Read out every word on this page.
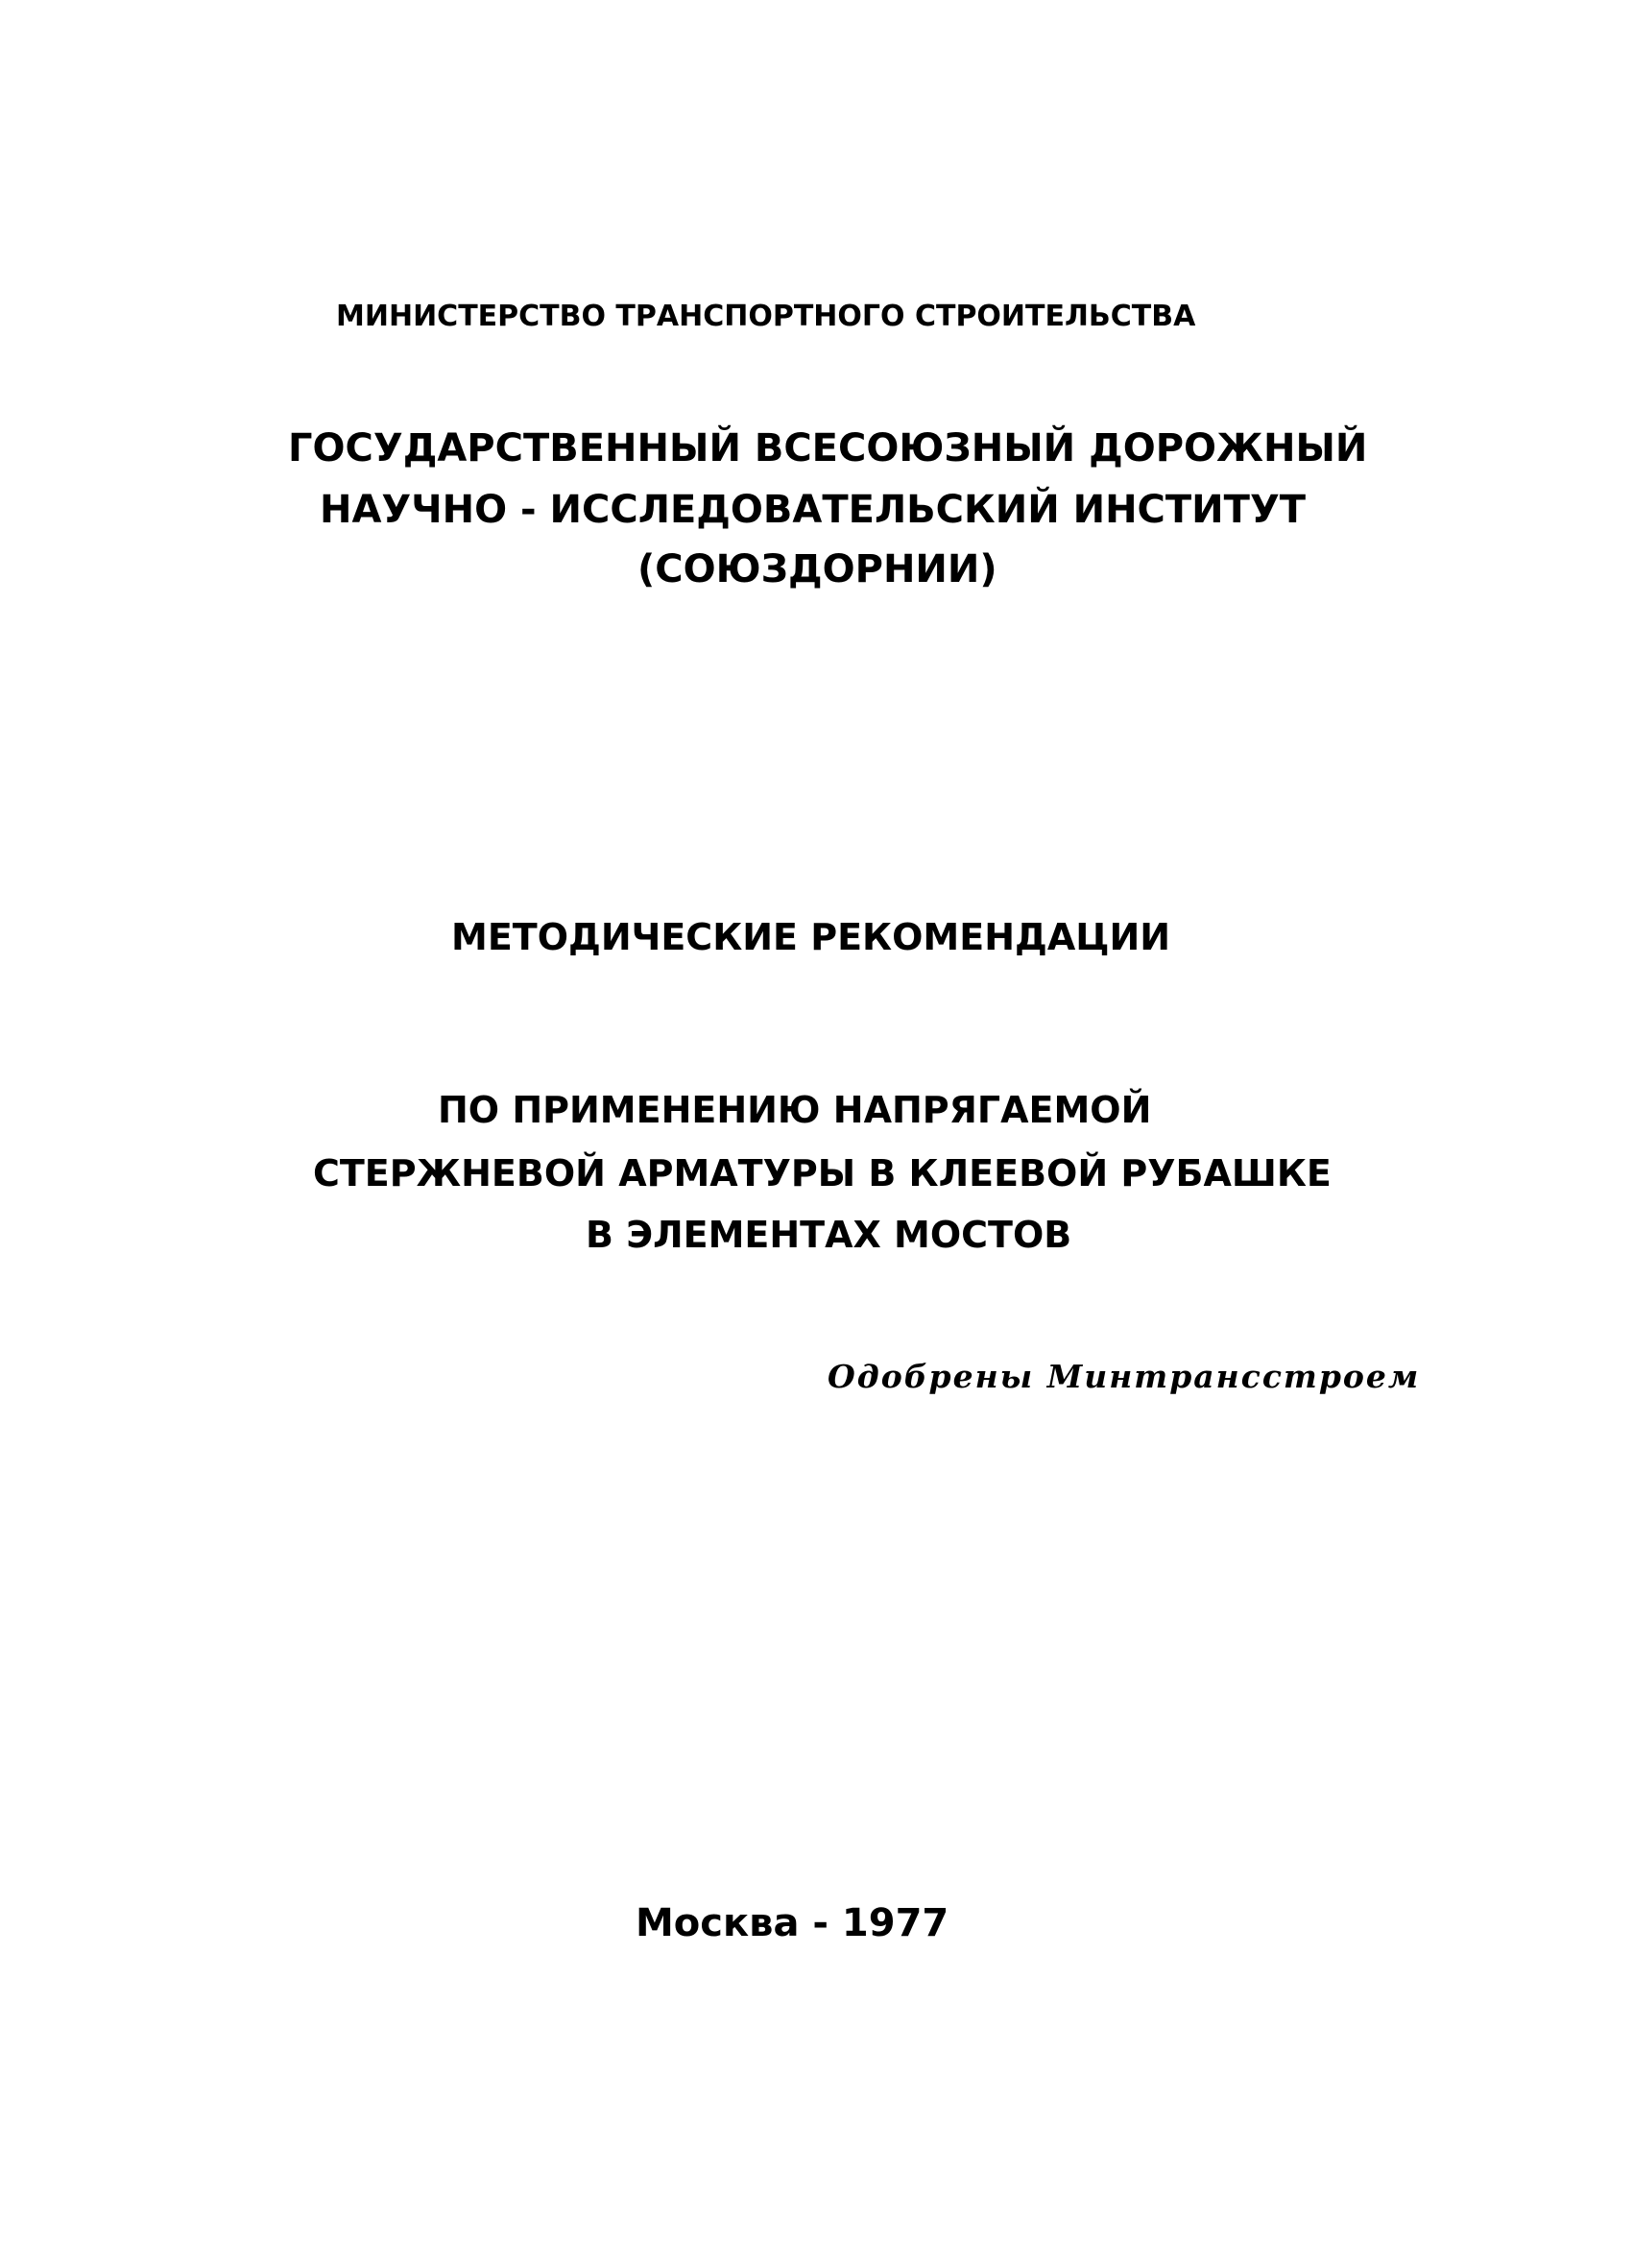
МИНИСТЕРСТВО ТРАНСПОРТНОГО СТРОИТЕЛЬСТВА
ГОСУДАРСТВЕННЫЙ ВСЕСОЮЗНЫЙ ДОРОЖНЫЙ
НАУЧНО - ИССЛЕДОВАТЕЛЬСКИЙ ИНСТИТУТ
(СОЮЗДОРНИИ)
МЕТОДИЧЕСКИЕ РЕКОМЕНДАЦИИ
ПО ПРИМЕНЕНИЮ НАПРЯГАЕМОЙ
СТЕРЖНЕВОЙ АРМАТУРЫ В КЛЕЕВОЙ РУБАШКЕ
В ЭЛЕМЕНТАХ МОСТОВ
Одобрены Минтрансстроем
Москва - 1977
